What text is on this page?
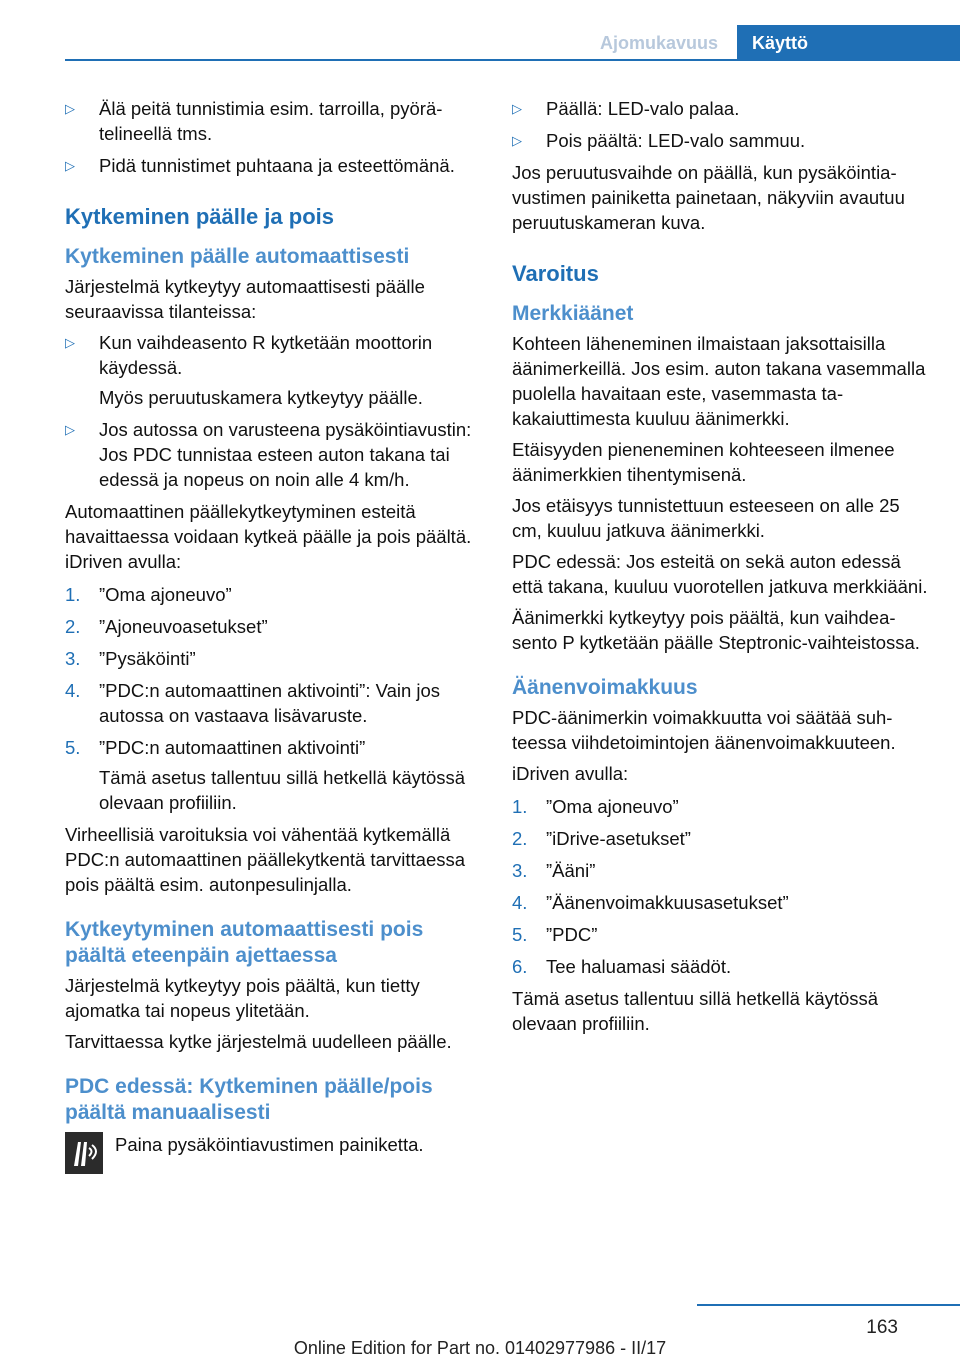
Ajomukavuus	Käyttö
▷ Älä peitä tunnistimia esim. tarroilla, pyörätelineellä tms.
▷ Pidä tunnistimet puhtaana ja esteettömänä.
Kytkeminen päälle ja pois
Kytkeminen päälle automaattisesti

Järjestelmä kytkeytyy automaattisesti päälle seuraavissa tilanteissa:

▷ Kun vaihdeasento R kytketään moottorin käydessä.
Myös peruutuskamera kytkeytyy päälle.
▷ Jos autossa on varusteena pysäköintiavustin: Jos PDC tunnistaa esteen auton takana tai edessä ja nopeus on noin alle 4 km/h.

Automaattinen päällekytkeytyminen esteitä havaittaessa voidaan kytkeä päälle ja pois päältä. iDriven avulla:

1. ”Oma ajoneuvo”
2. ”Ajoneuvoasetukset”
3. ”Pysäköinti”
4. ”PDC:n automaattinen aktivointi”: Vain jos autossa on vastaava lisävaruste.
5. ”PDC:n automaattinen aktivointi”
Tämä asetus tallentuu sillä hetkellä käytössä olevaan profiiliin.

Virheellisiä varoituksia voi vähentää kytkemällä PDC:n automaattinen päällekytkentä tarvittaessa pois päältä esim. autonpesulinjalla.

Kytkeytyminen automaattisesti pois päältä eteenpäin ajettaessa

Järjestelmä kytkeytyy pois päältä, kun tietty ajomatka tai nopeus ylitetään.

Tarvittaessa kytke järjestelmä uudelleen päälle.

PDC edessä: Kytkeminen päälle/pois päältä manuaalisesti
Paina pysäköintiavustimen painiketta.
▷ Päällä: LED-valo palaa.
▷ Pois päältä: LED-valo sammuu.

Jos peruutusvaihde on päällä, kun pysäköintiavustimen painiketta painetaan, näkyviin avautuu peruutuskameran kuva.

Varoitus
Merkkiäänet

Kohteen läheneminen ilmaistaan jaksottaisilla äänimerkeillä. Jos esim. auton takana vasemmalla puolella havaitaan este, vasemmasta takakaiuttimesta kuuluu äänimerkki.

Etäisyyden pieneneminen kohteeseen ilmenee äänimerkkien tihentymisenä.

Jos etäisyys tunnistettuun esteeseen on alle 25 cm, kuuluu jatkuva äänimerkki.

PDC edessä: Jos esteitä on sekä auton edessä että takana, kuuluu vuorotellen jatkuva merkkiääni.

Äänimerkki kytkeytyy pois päältä, kun vaihdeasento P kytketään päälle Steptronic-vaihteistossa.

Äänenvoimakkuus

PDC-äänimerkin voimakkuutta voi säätää suhteessa viihdetoimintojen äänenvoimakkuuteen.

iDriven avulla:

1. ”Oma ajoneuvo”
2. ”iDrive-asetukset”
3. ”Ääni”
4. ”Äänenvoimakkuusasetukset”
5. ”PDC”
6. Tee haluamasi säädöt.

Tämä asetus tallentuu sillä hetkellä käytössä olevaan profiiliin.

163
Online Edition for Part no. 01402977986 - II/17
